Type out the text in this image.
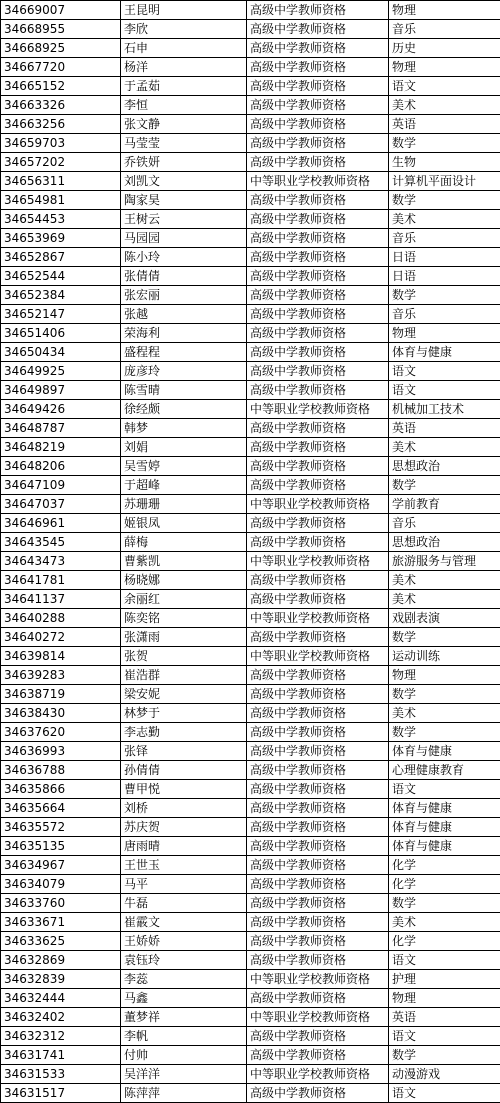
34669007	王昆明	高级中学教师资格	物理
34668955	李欣	高级中学教师资格	音乐
34668925	石申	高级中学教师资格	历史
34667720	杨洋	高级中学教师资格	物理
34665152	于孟茹	高级中学教师资格	语文
34663326	李恒	高级中学教师资格	美术
34663256	张文静	高级中学教师资格	英语
34659703	马莹莹	高级中学教师资格	数学
34657202	乔铁妍	高级中学教师资格	生物
34656311	刘凯文	中等职业学校教师资格	计算机平面设计
34654981	陶家昊	高级中学教师资格	数学
34654453	王树云	高级中学教师资格	美术
34653969	马园园	高级中学教师资格	音乐
34652867	陈小玲	高级中学教师资格	日语
34652544	张倩倩	高级中学教师资格	日语
34652384	张宏丽	高级中学教师资格	数学
34652147	张越	高级中学教师资格	音乐
34651406	荣海利	高级中学教师资格	物理
34650434	盛程程	高级中学教师资格	体育与健康
34649925	庞彦玲	高级中学教师资格	语文
34649897	陈雪晴	高级中学教师资格	语文
34649426	徐经颇	中等职业学校教师资格	机械加工技术
34648787	韩梦	高级中学教师资格	英语
34648219	刘娟	高级中学教师资格	美术
34648206	吴雪婷	高级中学教师资格	思想政治
34647109	于超峰	高级中学教师资格	数学
34647037	苏珊珊	中等职业学校教师资格	学前教育
34646961	姬银凤	高级中学教师资格	音乐
34643545	薛梅	高级中学教师资格	思想政治
34643473	曹紫凯	中等职业学校教师资格	旅游服务与管理
34641781	杨晓娜	高级中学教师资格	美术
34641137	余丽红	高级中学教师资格	美术
34640288	陈奕铭	中等职业学校教师资格	戏剧表演
34640272	张潇雨	高级中学教师资格	数学
34639814	张贺	中等职业学校教师资格	运动训练
34639283	崔浩群	高级中学教师资格	物理
34638719	梁安妮	高级中学教师资格	数学
34638430	林梦于	高级中学教师资格	美术
34637620	李志勤	高级中学教师资格	数学
34636993	张铎	高级中学教师资格	体育与健康
34636788	孙倩倩	高级中学教师资格	心理健康教育
34635866	曹甲悦	高级中学教师资格	语文
34635664	刘桥	高级中学教师资格	体育与健康
34635572	苏庆贺	高级中学教师资格	体育与健康
34635135	唐雨晴	高级中学教师资格	体育与健康
34634967	王世玉	高级中学教师资格	化学
34634079	马平	高级中学教师资格	化学
34633760	牛磊	高级中学教师资格	数学
34633671	崔霰文	高级中学教师资格	美术
34633625	王娇娇	高级中学教师资格	化学
34632869	袁钰玲	高级中学教师资格	语文
34632839	李蕊	中等职业学校教师资格	护理
34632444	马鑫	高级中学教师资格	物理
34632402	董梦祥	中等职业学校教师资格	英语
34632312	李帆	高级中学教师资格	语文
34631741	付帅	高级中学教师资格	数学
34631533	吴洋洋	中等职业学校教师资格	动漫游戏
34631517	陈萍萍	高级中学教师资格	语文
